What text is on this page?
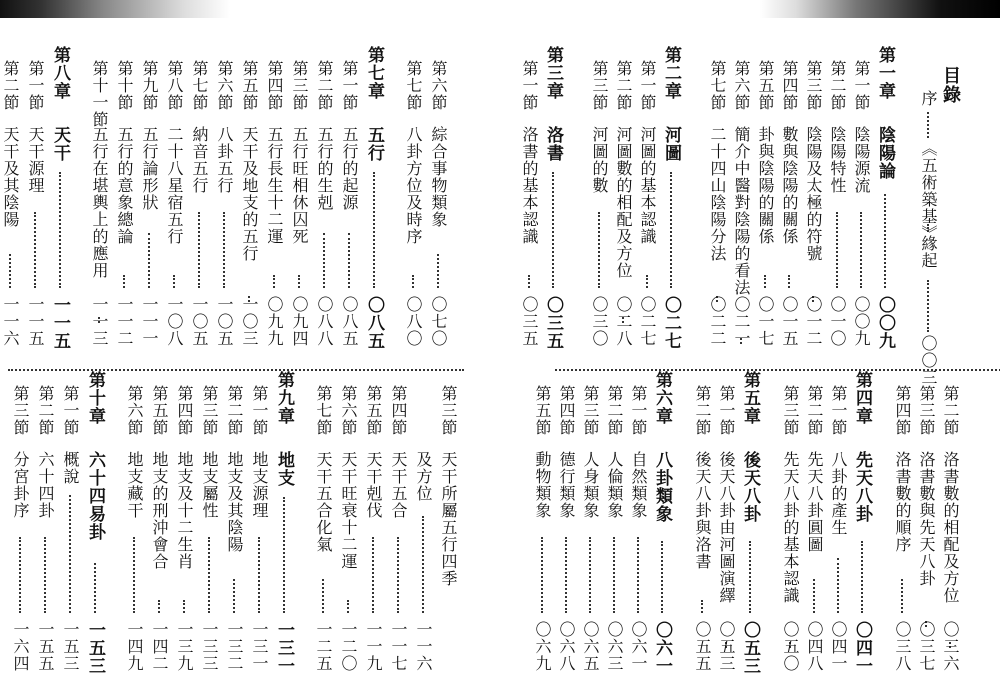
目錄
序
《五術築基》
緣起
〇〇三
第一章
陰陽論
〇〇九
第一節
陰陽源流
〇〇九
第二節
陰陽特性
〇一〇
第三節
陰陽及太極的符號
〇一二
第四節
數與陰陽的關係
〇一五
第五節
卦與陰陽的關係
〇一七
第六節
簡介中醫對陰陽的看法
〇二一
第七節
二十四山陰陽分法
〇二二
第二章
河圖
〇二七
第一節
河圖的基本認識
〇二七
第二節
河圖數的相配及方位
〇二八
第三節
河圖的數
〇三〇
第三章
洛書
〇三五
第一節
洛書的基本認識
〇三五
第二節
洛書數的相配及方位
〇三六
第三節
洛書數與先天八卦
〇三七
第四節
洛書數的順序
〇三八
第四章
先天八卦
〇四一
第一節
八卦的產生
〇四一
第二節
先天八卦圓圖
〇四八
第三節
先天八卦的基本認識
〇五〇
第五章
後天八卦
〇五三
第一節
後天八卦由河圖演繹
〇五三
第二節
後天八卦與洛書
〇五五
第六章
八卦類象
〇六一
第一節
自然類象
〇六一
第二節
人倫類象
〇六三
第三節
人身類象
〇六五
第四節
德行類象
〇六八
第五節
動物類象
〇六九
第六節
綜合事物類象
〇七〇
第七節
八卦方位及時序
〇八〇
第七章
五行
〇八五
第一節
五行的起源
〇八五
第二節
五行的生剋
〇八八
第三節
五行旺相休囚死
〇九四
第四節
五行長生十二運
〇九九
第五節
天干及地支的五行
一〇三
第六節
八卦五行
一〇五
第七節
納音五行
一〇五
第八節
二十八星宿五行
一〇八
第九節
五行論形狀
一一一
第十節
五行的意象總論
一一二
第十一節
五行在堪輿上的應用
一一三
第八章
天干
一一五
第一節
天干源理
一一五
第二節
天干及其陰陽
一一六
第三節
天干所屬五行四季
及方位
一一六
第四節
天干五合
一一七
第五節
天干剋伐
一一九
第六節
天干旺衰十二運
一二〇
第七節
天干五合化氣
一二五
第九章
地支
一三一
第一節
地支源理
一三一
第二節
地支及其陰陽
一三二
第三節
地支屬性
一三三
第四節
地支及十二生肖
一三九
第五節
地支的刑沖會合
一四二
第六節
地支藏干
一四九
第十章
六十四易卦
一五三
第一節
概說
一五三
第二節
六十四卦
一五五
第三節
分宮卦序
一六四
